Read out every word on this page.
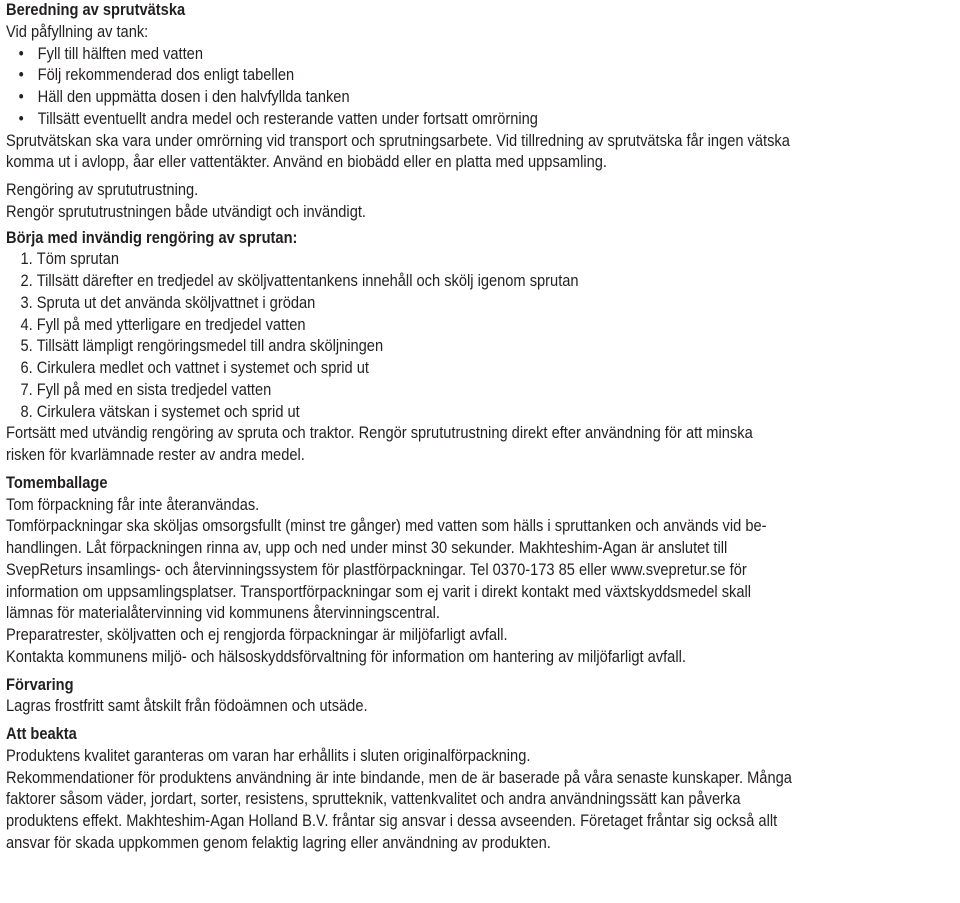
Beredning av sprutvätska
Vid påfyllning av tank:
• Fyll till hälften med vatten
• Följ rekommenderad dos enligt tabellen
• Häll den uppmätta dosen i den halvfyllda tanken
• Tillsätt eventuellt andra medel och resterande vatten under fortsatt omrörning
Sprutvätskan ska vara under omrörning vid transport och sprutningsarbete. Vid tillredning av sprutvätska får ingen vätska
komma ut i avlopp, åar eller vattentäkter. Använd en biobädd eller en platta med uppsamling.
Rengöring av sprututrustning.
Rengör sprututrustningen både utvändigt och invändigt.
Börja med invändig rengöring av sprutan:
1. Töm sprutan
2. Tillsätt därefter en tredjedel av sköljvattentankens innehåll och skölj igenom sprutan
3. Spruta ut det använda sköljvattnet i grödan
4. Fyll på med ytterligare en tredjedel vatten
5. Tillsätt lämpligt rengöringsmedel till andra sköljningen
6. Cirkulera medlet och vattnet i systemet och sprid ut
7. Fyll på med en sista tredjedel vatten
8. Cirkulera vätskan i systemet och sprid ut
Fortsätt med utvändig rengöring av spruta och traktor. Rengör sprututrustning direkt efter användning för att minska
risken för kvarlämnade rester av andra medel.
Tomemballage
Tom förpackning får inte återanvändas.
Tomförpackningar ska sköljas omsorgsfullt (minst tre gånger) med vatten som hälls i spruttanken och används vid be-
handlingen. Låt förpackningen rinna av, upp och ned under minst 30 sekunder. Makhteshim-Agan är anslutet till
SvepReturs insamlings- och återvinningssystem för plastförpackningar. Tel 0370-173 85 eller www.svepretur.se för
information om uppsamlingsplatser. Transportförpackningar som ej varit i direkt kontakt med växtskyddsmedel skall
lämnas för materialåtervinning vid kommunens återvinningscentral.
Preparatrester, sköljvatten och ej rengjorda förpackningar är miljöfarligt avfall.
Kontakta kommunens miljö- och hälsoskyddsförvaltning för information om hantering av miljöfarligt avfall.
Förvaring
Lagras frostfritt samt åtskilt från födoämnen och utsäde.
Att beakta
Produktens kvalitet garanteras om varan har erhållits i sluten originalförpackning.
Rekommendationer för produktens användning är inte bindande, men de är baserade på våra senaste kunskaper. Många
faktorer såsom väder, jordart, sorter, resistens, sprutteknik, vattenkvalitet och andra användningssätt kan påverka
produktens effekt. Makhteshim-Agan Holland B.V. fråntar sig ansvar i dessa avseenden. Företaget fråntar sig också allt
ansvar för skada uppkommen genom felaktig lagring eller användning av produkten.
